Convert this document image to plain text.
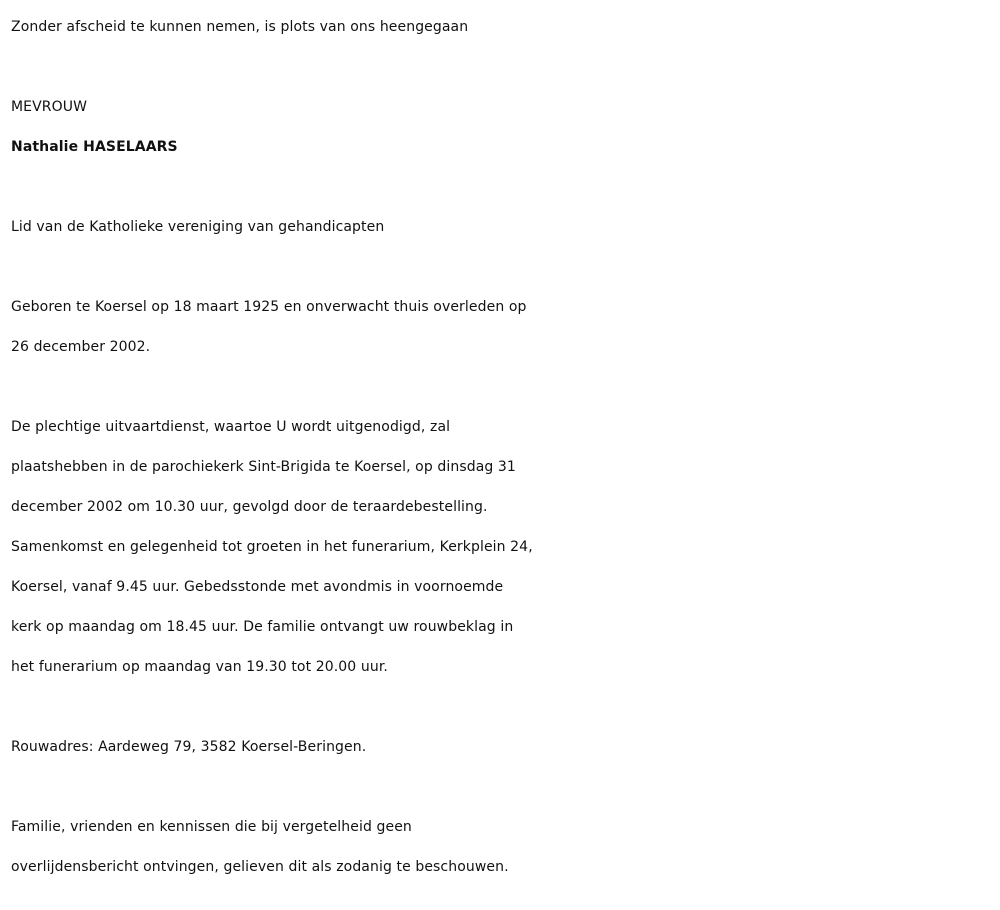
Zonder afscheid te kunnen nemen, is plots van ons heengegaan
MEVROUW
Nathalie HASELAARS
Lid van de Katholieke vereniging van gehandicapten
Geboren te Koersel op 18 maart 1925 en onverwacht thuis overleden op
26 december 2002.
De plechtige uitvaartdienst, waartoe U wordt uitgenodigd, zal
plaatshebben in de parochiekerk Sint-Brigida te Koersel, op dinsdag 31
december 2002 om 10.30 uur, gevolgd door de teraardebestelling.
Samenkomst en gelegenheid tot groeten in het funerarium, Kerkplein 24,
Koersel, vanaf 9.45 uur. Gebedsstonde met avondmis in voornoemde
kerk op maandag om 18.45 uur. De familie ontvangt uw rouwbeklag in
het funerarium op maandag van 19.30 tot 20.00 uur.
Rouwadres: Aardeweg 79, 3582 Koersel-Beringen.
Familie, vrienden en kennissen die bij vergetelheid geen
overlijdensbericht ontvingen, gelieven dit als zodanig te beschouwen.
